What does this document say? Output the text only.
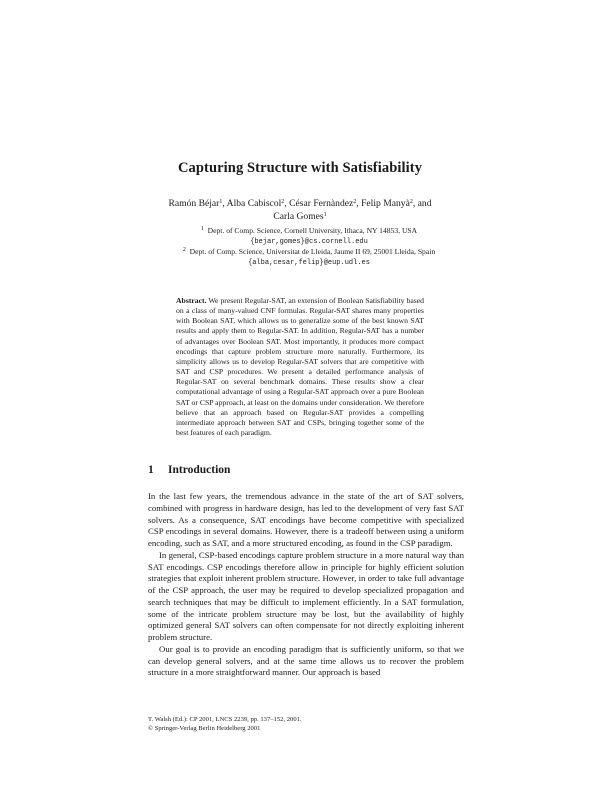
Capturing Structure with Satisfiability
Ramón Béjar$^1$, Alba Cabiscol$^2$, César Fernàndez$^2$, Felip Manyà$^2$, and
Carla Gomes$^1$
$^1$ Dept. of Comp. Science, Cornell University, Ithaca, NY 14853, USA
{bejar,gomes}@cs.cornell.edu
$^2$ Dept. of Comp. Science, Universitat de Lleida, Jaume II 69, 25001 Lleida, Spain
{alba,cesar,felip}@eup.udl.es
Abstract. We present Regular-SAT, an extension of Boolean Satisfiability based on a class of many-valued CNF formulas. Regular-SAT shares many properties with Boolean SAT, which allows us to generalize some of the best known SAT results and apply them to Regular-SAT. In addition, Regular-SAT has a number of advantages over Boolean SAT. Most importantly, it produces more compact encodings that capture problem structure more naturally. Furthermore, its simplicity allows us to develop Regular-SAT solvers that are competitive with SAT and CSP procedures. We present a detailed performance analysis of Regular-SAT on several benchmark domains. These results show a clear computational advantage of using a Regular-SAT approach over a pure Boolean SAT or CSP approach, at least on the domains under consideration. We therefore believe that an approach based on Regular-SAT provides a compelling intermediate approach between SAT and CSPs, bringing together some of the best features of each paradigm.
1 Introduction

In the last few years, the tremendous advance in the state of the art of SAT solvers, combined with progress in hardware design, has led to the development of very fast SAT solvers. As a consequence, SAT encodings have become competitive with specialized CSP encodings in several domains. However, there is a tradeoff between using a uniform encoding, such as SAT, and a more structured encoding, as found in the CSP paradigm.

In general, CSP-based encodings capture problem structure in a more natural way than SAT encodings. CSP encodings therefore allow in principle for highly efficient solution strategies that exploit inherent problem structure. However, in order to take full advantage of the CSP approach, the user may be required to develop specialized propagation and search techniques that may be difficult to implement efficiently. In a SAT formulation, some of the intricate problem structure may be lost, but the availability of highly optimized general SAT solvers can often compensate for not directly exploiting inherent problem structure.

Our goal is to provide an encoding paradigm that is sufficiently uniform, so that we can develop general solvers, and at the same time allows us to recover the problem structure in a more straightforward manner. Our approach is based

T. Walsh (Ed.): CP 2001, LNCS 2239, pp. 137–152, 2001.
© Springer-Verlag Berlin Heidelberg 2001
